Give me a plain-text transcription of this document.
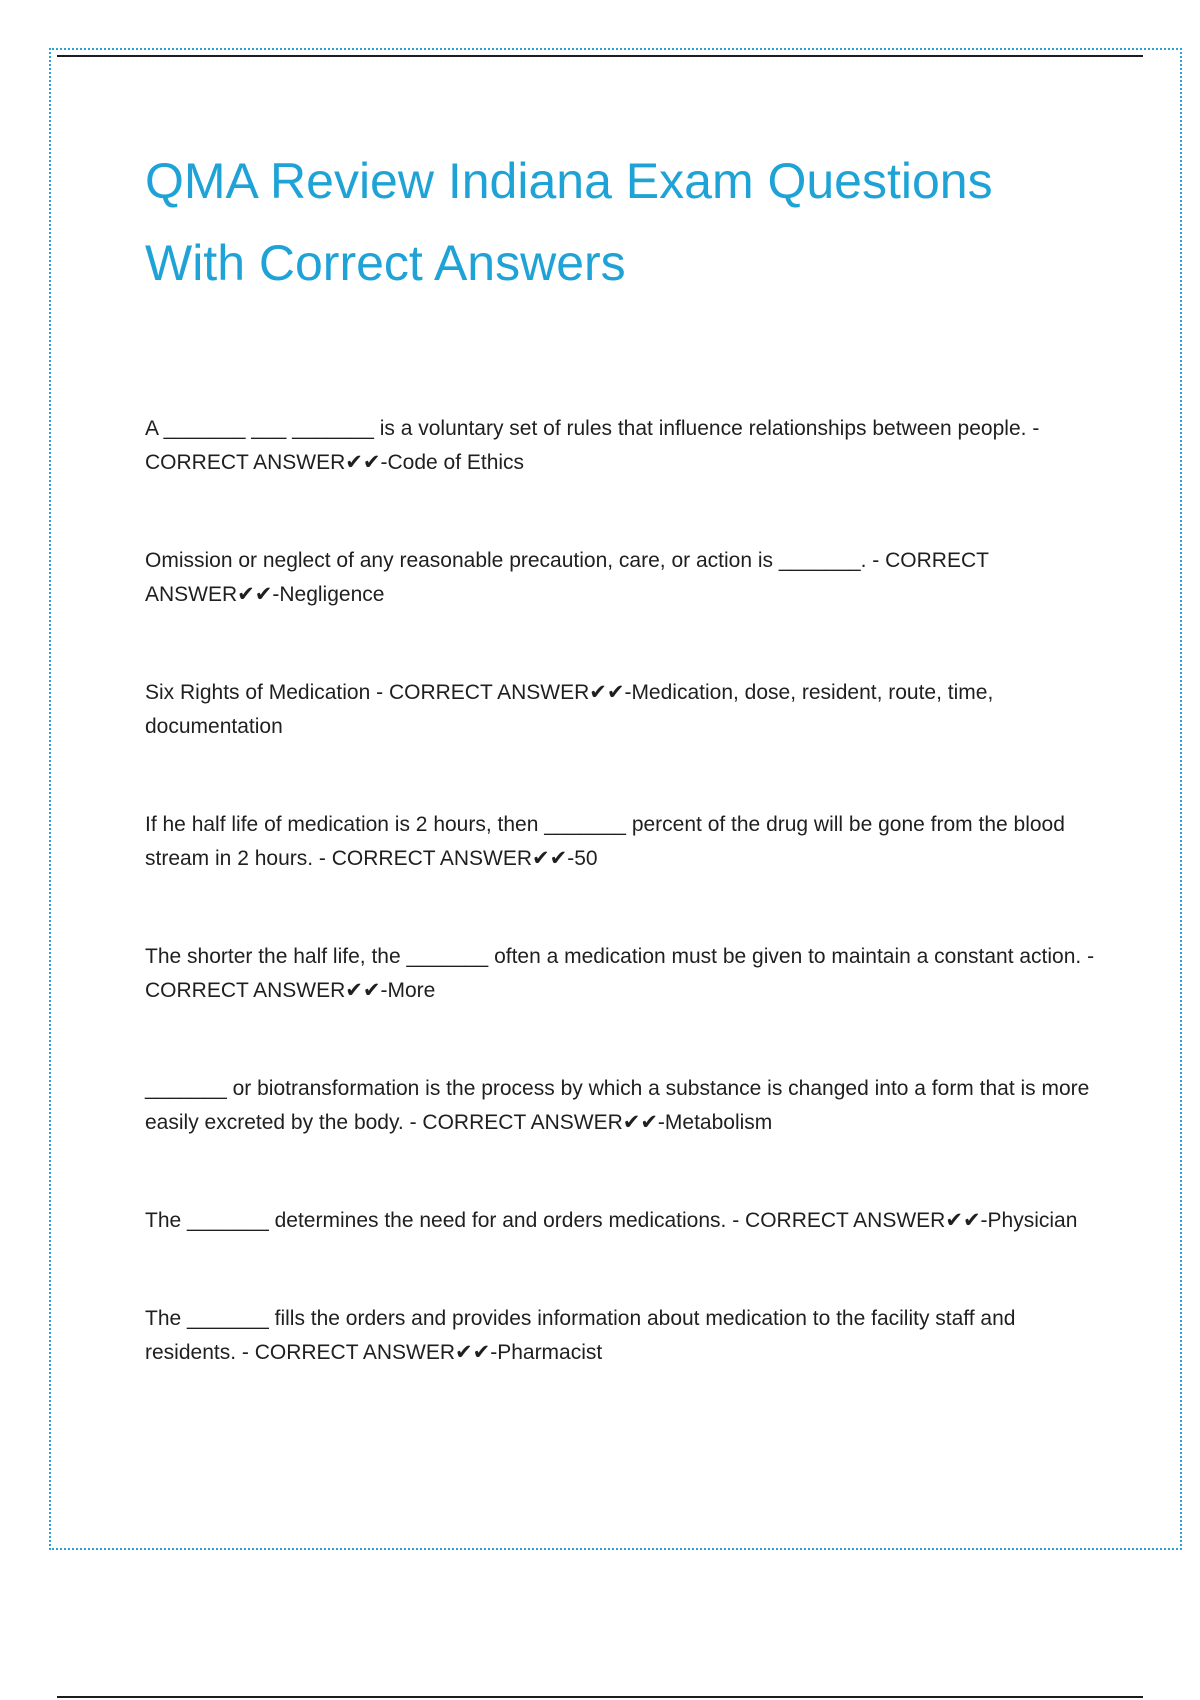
QMA Review Indiana Exam Questions With Correct Answers

A _______ ___ _______ is a voluntary set of rules that influence relationships between people. - CORRECT ANSWER✔✔-Code of Ethics

Omission or neglect of any reasonable precaution, care, or action is _______. - CORRECT ANSWER✔✔-Negligence

Six Rights of Medication - CORRECT ANSWER✔✔-Medication, dose, resident, route, time, documentation

If he half life of medication is 2 hours, then _______ percent of the drug will be gone from the blood stream in 2 hours. - CORRECT ANSWER✔✔-50

The shorter the half life, the _______ often a medication must be given to maintain a constant action. - CORRECT ANSWER✔✔-More

_______ or biotransformation is the process by which a substance is changed into a form that is more easily excreted by the body. - CORRECT ANSWER✔✔-Metabolism

The _______ determines the need for and orders medications. - CORRECT ANSWER✔✔-Physician

The _______ fills the orders and provides information about medication to the facility staff and residents. - CORRECT ANSWER✔✔-Pharmacist
